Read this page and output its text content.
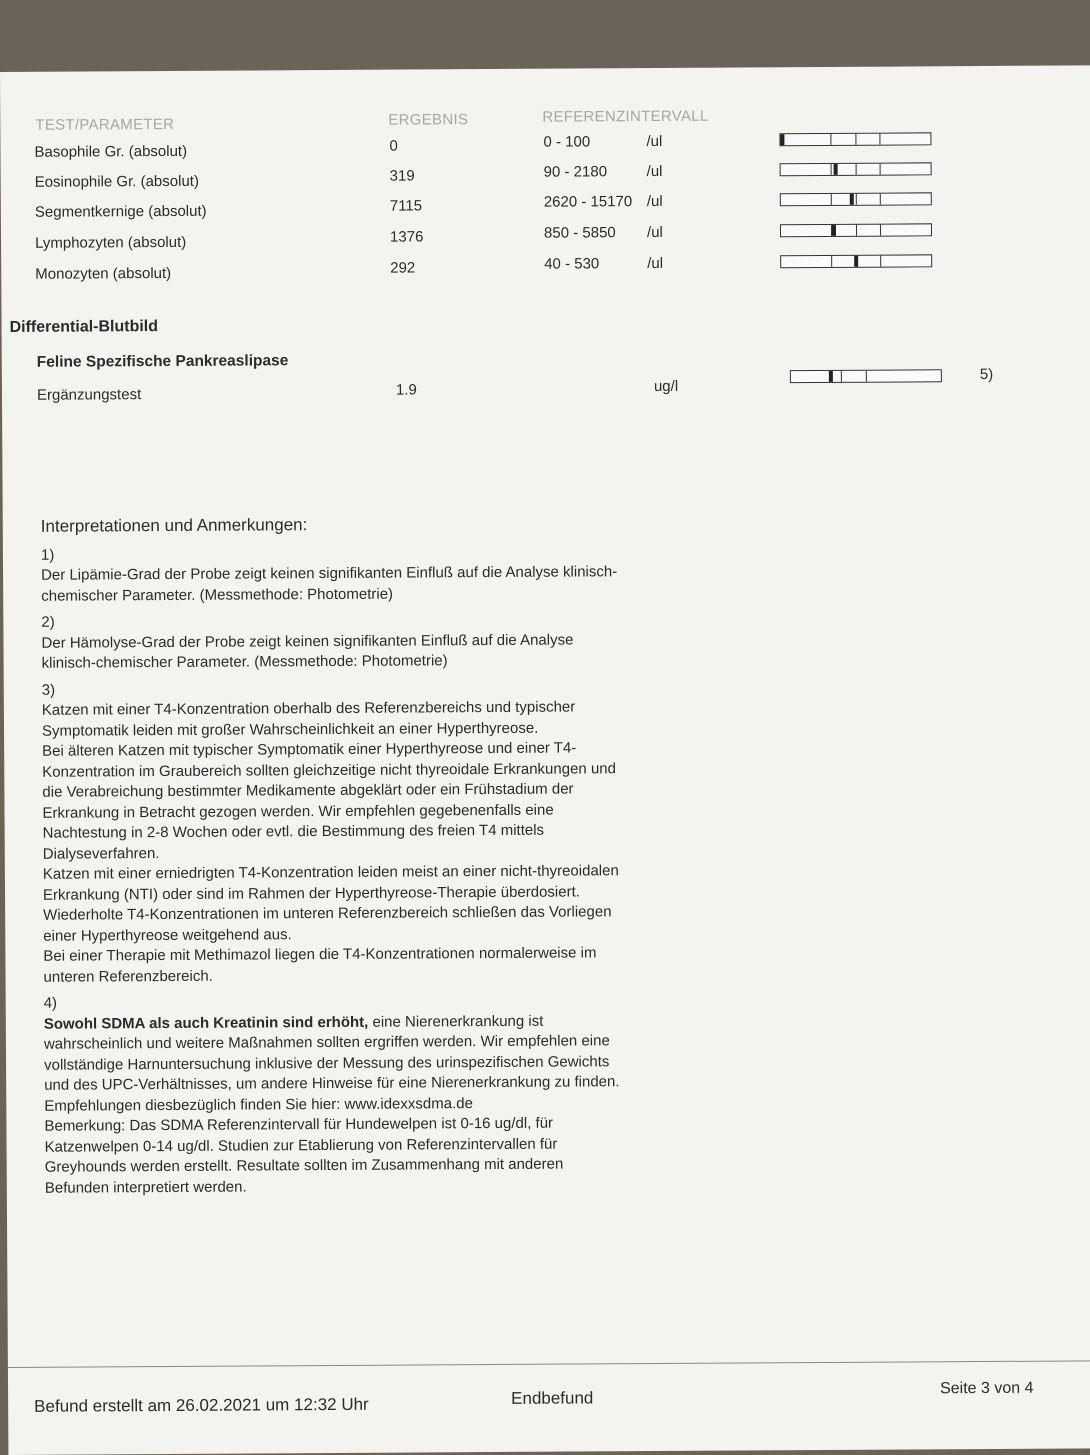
TEST/PARAMETER	ERGEBNIS	REFERENZINTERVALL
Basophile Gr. (absolut)	0	0 - 100	/ul
Eosinophile Gr. (absolut)	319	90 - 2180	/ul
Segmentkernige (absolut)	7115	2620 - 15170 /ul
Lymphozyten (absolut)	1376	850 - 5850 /ul
Monozyten (absolut)	292	40 - 530	/ul
Differential-Blutbild
Feline Spezifische Pankreaslipase
Ergänzungstest	1.9	ug/l
5)
Interpretationen und Anmerkungen:
1)

Der Lipämie-Grad der Probe zeigt keinen signifikanten Einfluß auf die Analyse klinisch-chemischer Parameter. (Messmethode: Photometrie)

2)

Der Hämolyse-Grad der Probe zeigt keinen signifikanten Einfluß auf die Analyse klinisch-chemischer Parameter. (Messmethode: Photometrie)

3)

Katzen mit einer T4-Konzentration oberhalb des Referenzbereichs und typischer Symptomatik leiden mit großer Wahrscheinlichkeit an einer Hyperthyreose.
Bei älteren Katzen mit typischer Symptomatik einer Hyperthyreose und einer T4-Konzentration im Graubereich sollten gleichzeitige nicht thyreoidale Erkrankungen und die Verabreichung bestimmter Medikamente abgeklärt oder ein Frühstadium der Erkrankung in Betracht gezogen werden. Wir empfehlen gegebenenfalls eine Nachtestung in 2-8 Wochen oder evtl. die Bestimmung des freien T4 mittels Dialyseverfahren.
Katzen mit einer erniedrigten T4-Konzentration leiden meist an einer nicht-thyreoidalen Erkrankung (NTI) oder sind im Rahmen der Hyperthyreose-Therapie überdosiert.
Wiederholte T4-Konzentrationen im unteren Referenzbereich schließen das Vorliegen einer Hyperthyreose weitgehend aus.
Bei einer Therapie mit Methimazol liegen die T4-Konzentrationen normalerweise im unteren Referenzbereich.

4)

Sowohl SDMA als auch Kreatinin sind erhöht, eine Nierenerkrankung ist wahrscheinlich und weitere Maßnahmen sollten ergriffen werden. Wir empfehlen eine vollständige Harnuntersuchung inklusive der Messung des urinspezifischen Gewichts und des UPC-Verhältnisses, um andere Hinweise für eine Nierenerkrankung zu finden. Empfehlungen diesbezüglich finden Sie hier: www.idexxsdma.de
Bemerkung: Das SDMA Referenzintervall für Hundewelpen ist 0-16 ug/dl, für Katzenwelpen 0-14 ug/dl. Studien zur Etablierung von Referenzintervallen für Greyhounds werden erstellt. Resultate sollten im Zusammenhang mit anderen Befunden interpretiert werden.

Befund erstellt am 26.02.2021 um 12:32 Uhr	Endbefund	Seite 3 von 4
